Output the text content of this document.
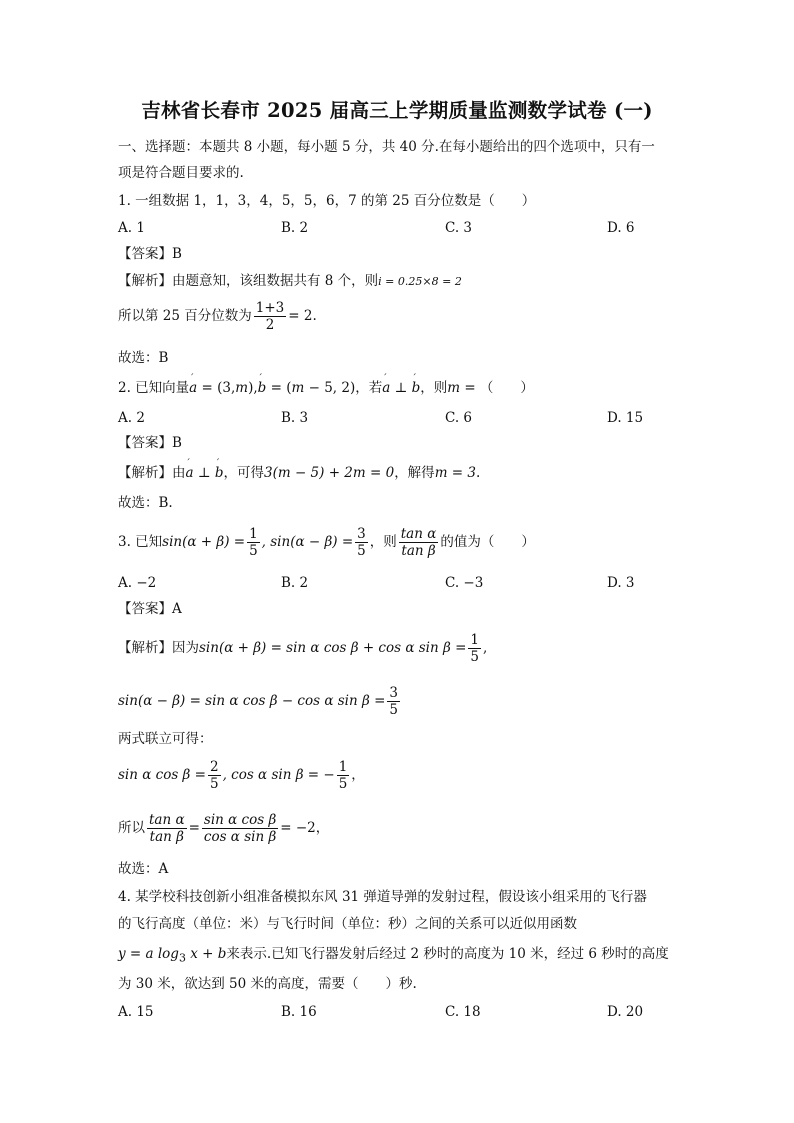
吉林省长春市 2025 届高三上学期质量监测数学试卷 (一)
一、选择题：本题共 8 小题，每小题 5 分，共 40 分.在每小题给出的四个选项中，只有一
项是符合题目要求的.
1. 一组数据 1，1，3，4，5，5，6，7 的第 25 百分位数是（　　）
A. 1	B. 2	C. 3	D. 6
【答案】B
【解析】由题意知，该组数据共有 8 个，则i = 0.25×8 = 2
所以第 25 百分位数为 $\frac{1+3}{2} = 2$.
故选：B
2. 已知向量′ a = (3,m),′ b = (m − 5, 2)，若′ a ⊥ ′ b，则m = （　　）
A. 2	B. 3	C. 6	D. 15
【答案】B
【解析】由′ a ⊥ ′ b，可得3(m − 5) + 2m = 0，解得m = 3.
故选：B.
3. 已知$\sin(\alpha + \beta) = \frac{1}{5}$ , $\sin(\alpha - \beta) = \frac{3}{5}$ ，则 $\frac{\text{tan α}}{\text{tan β}}$ 的值为（　　）
A. −2	B. 2	C. −3	D. 3
【答案】A
【解析】因为sin(α + β) = sin α cos β + cos α $\sin \beta = \frac{1}{5}$ ,
sin(α − β) = sin α cos β − cos α $\sin \beta = \frac{3}{5}$
两式联立可得：
sin α $\cos \beta = \frac{2}{5}$ , cos α sin β = − $\frac{1}{5}$ ，
所以 $\frac{\text{tan α}}{\text{tan β}} = \frac{\text{sin α cos β}}{\text{cos α sin β}} = -2$，
故选：A
4. 某学校科技创新小组准备模拟东风 31 弹道导弹的发射过程，假设该小组采用的飞行器
的飞行高度（单位：米）与飞行时间（单位：秒）之间的关系可以近似用函数
y = a $\log_3 x + b$来表示.已知飞行器发射后经过 2 秒时的高度为 10 米，经过 6 秒时的高度
为 30 米，欲达到 50 米的高度，需要（　　）秒.
A. 15	B. 16	C. 18	D. 20
